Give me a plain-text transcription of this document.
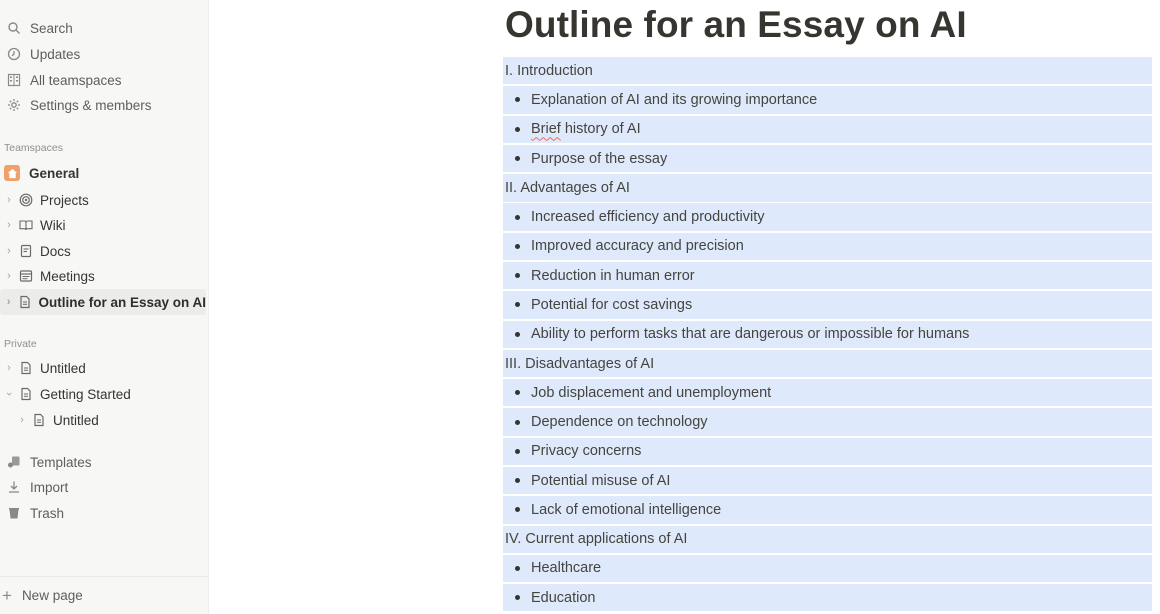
Search
Updates
All teamspaces
Settings & members
Teamspaces
General
› Projects
› Wiki
› Docs
› Meetings
› Outline for an Essay on AI
Private
› Untitled
› Getting Started
› Untitled
Templates
Import
Trash
+ New page
Outline for an Essay on AI
I. Introduction
Explanation of AI and its growing importance
Brief history of AI
Purpose of the essay
II. Advantages of AI
Increased efficiency and productivity
Improved accuracy and precision
Reduction in human error
Potential for cost savings
Ability to perform tasks that are dangerous or impossible for humans
III. Disadvantages of AI
Job displacement and unemployment
Dependence on technology
Privacy concerns
Potential misuse of AI
Lack of emotional intelligence
IV. Current applications of AI
Healthcare
Education
